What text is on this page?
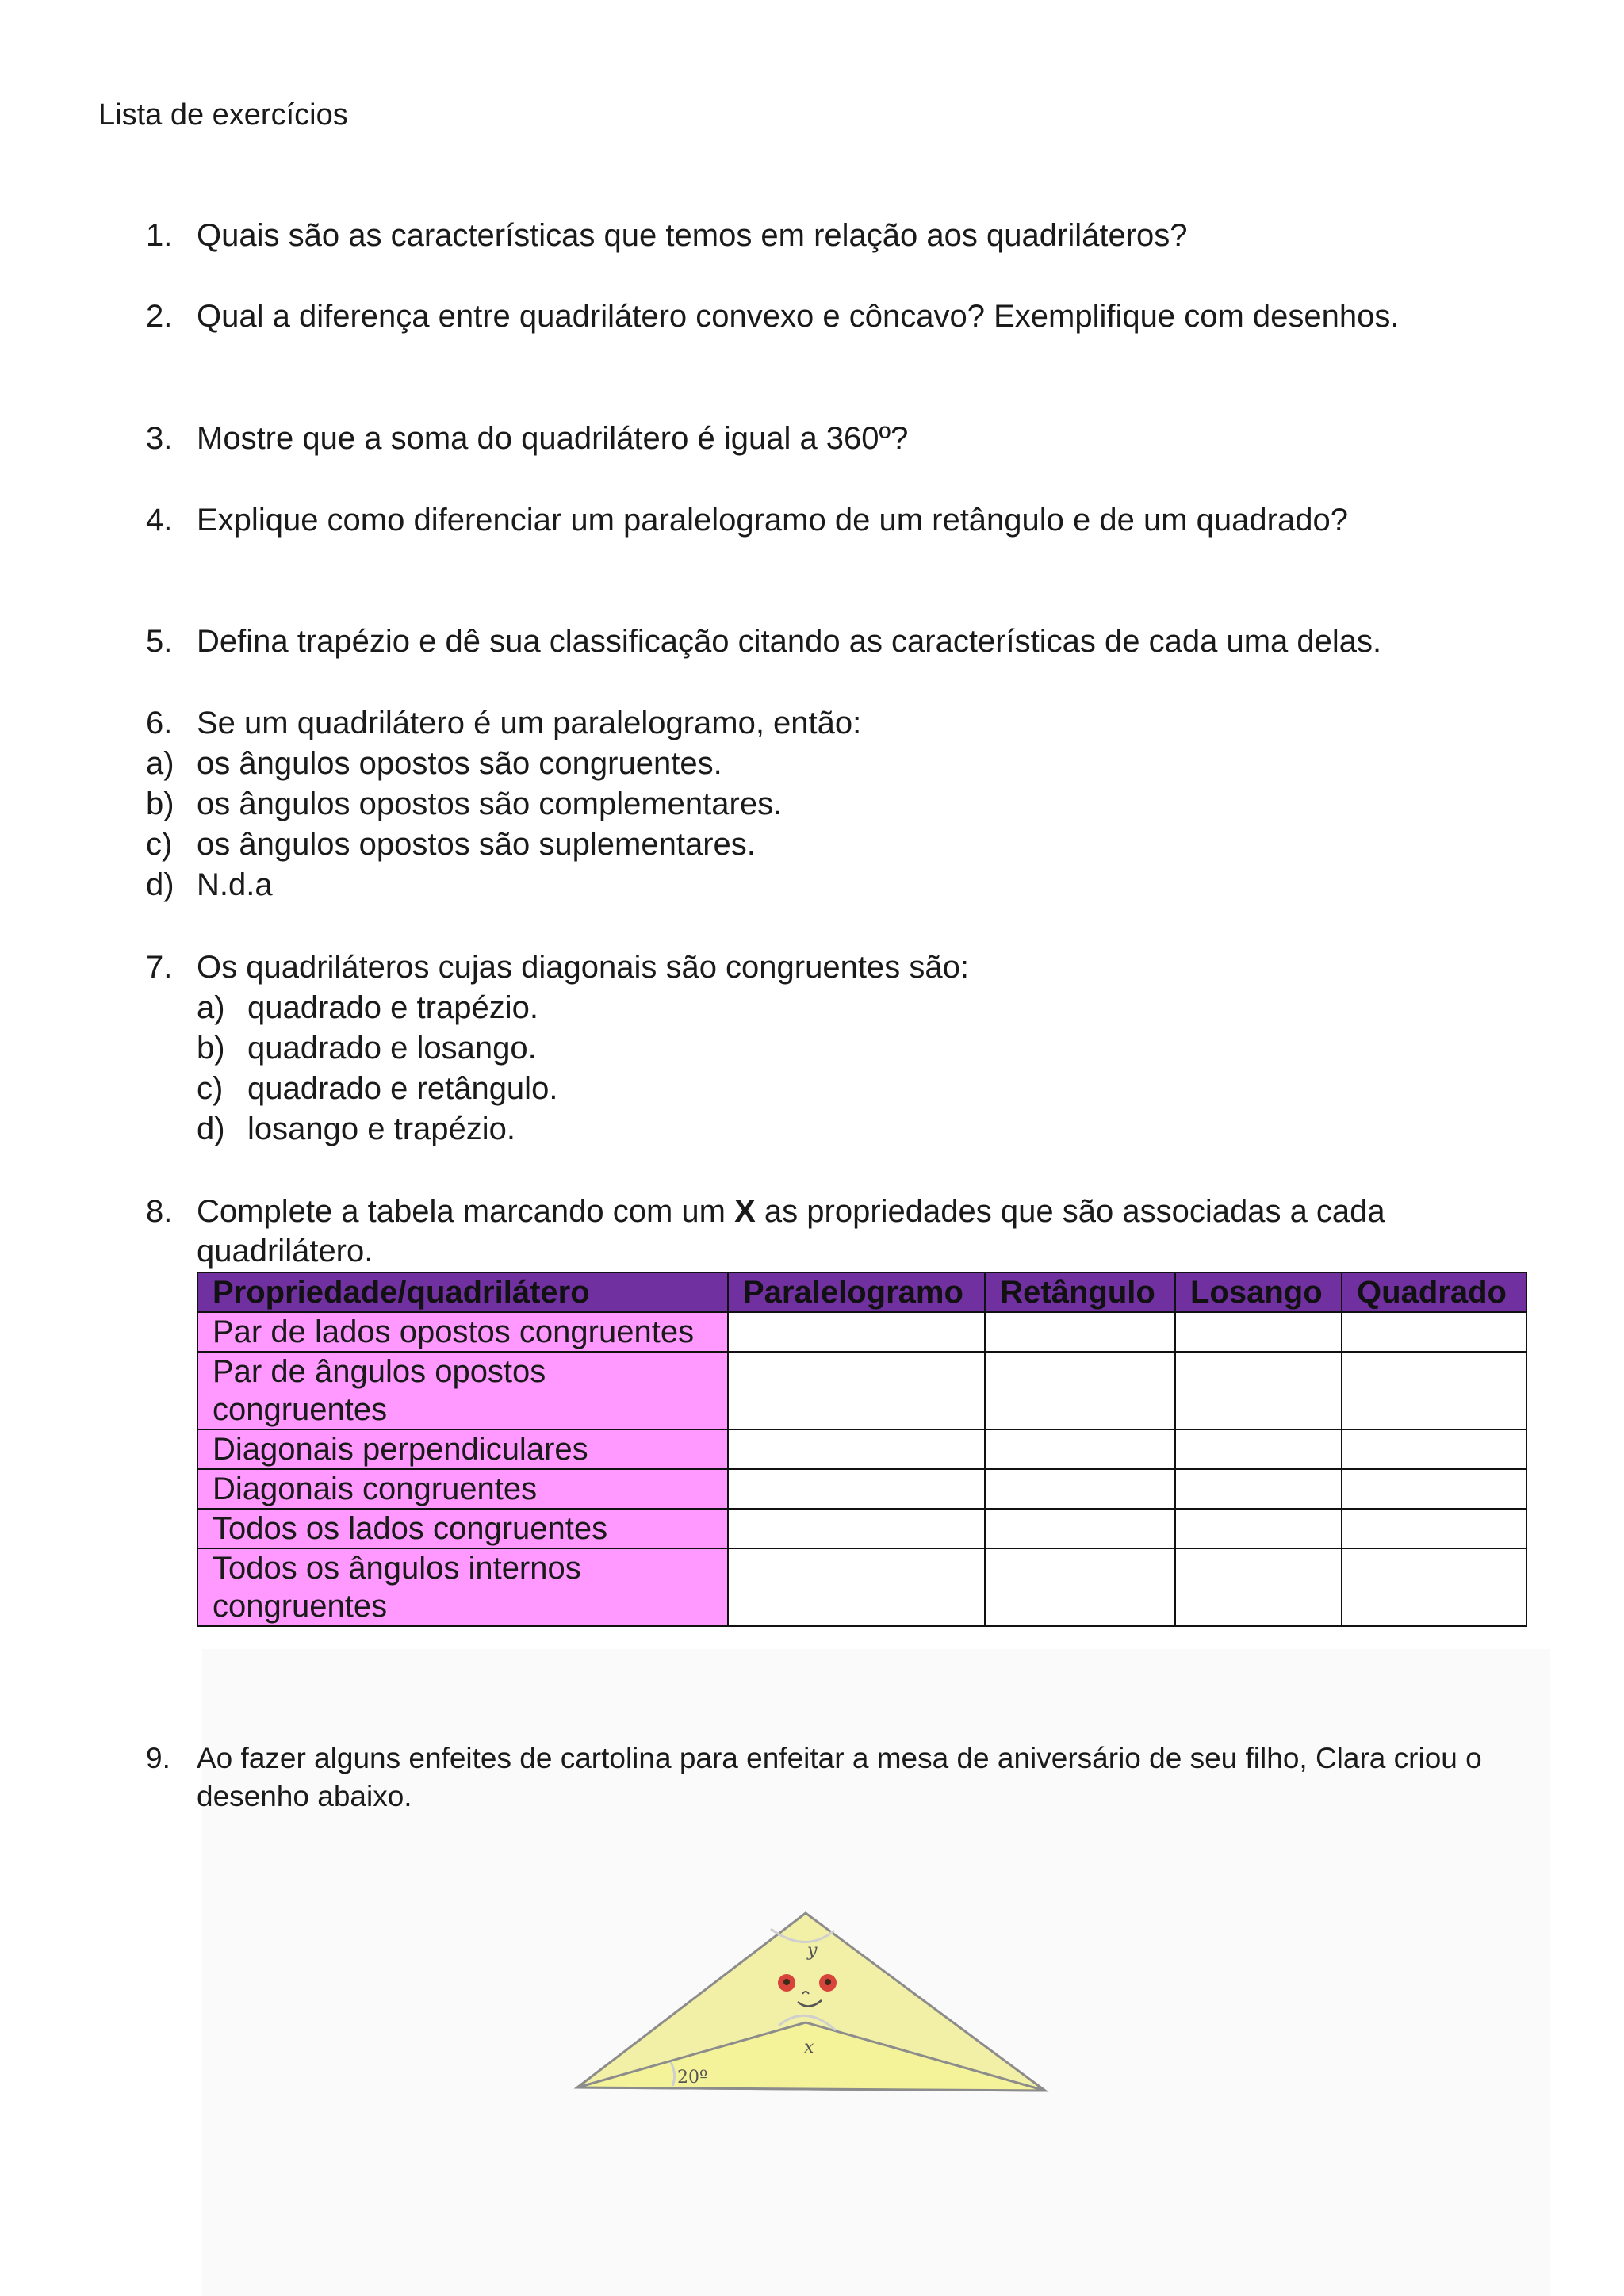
Lista de exercícios
1. Quais são as características que temos em relação aos quadriláteros?
2. Qual a diferença entre quadrilátero convexo e côncavo? Exemplifique com desenhos.
3. Mostre que a soma do quadrilátero é igual a 360º?
4. Explique como diferenciar um paralelogramo de um retângulo e de um quadrado?
5. Defina trapézio e dê sua classificação citando as características de cada uma delas.
6. Se um quadrilátero é um paralelogramo, então:
a) os ângulos opostos são congruentes.
b) os ângulos opostos são complementares.
c) os ângulos opostos são suplementares.
d) N.d.a
7. Os quadriláteros cujas diagonais são congruentes são:
a) quadrado e trapézio.
b) quadrado e losango.
c) quadrado e retângulo.
d) losango e trapézio.
8. Complete a tabela marcando com um X as propriedades que são associadas a cada
quadrilátero.
Propriedade/quadrilátero	Paralelogramo	Retângulo	Losango	Quadrado
Par de lados opostos congruentes				
Par de ângulos opostos congruentes				
Diagonais perpendiculares				
Diagonais congruentes				
Todos os lados congruentes				
Todos os ângulos internos congruentes				
9. Ao fazer alguns enfeites de cartolina para enfeitar a mesa de aniversário de seu filho, Clara criou o desenho abaixo.
y
x
20º
